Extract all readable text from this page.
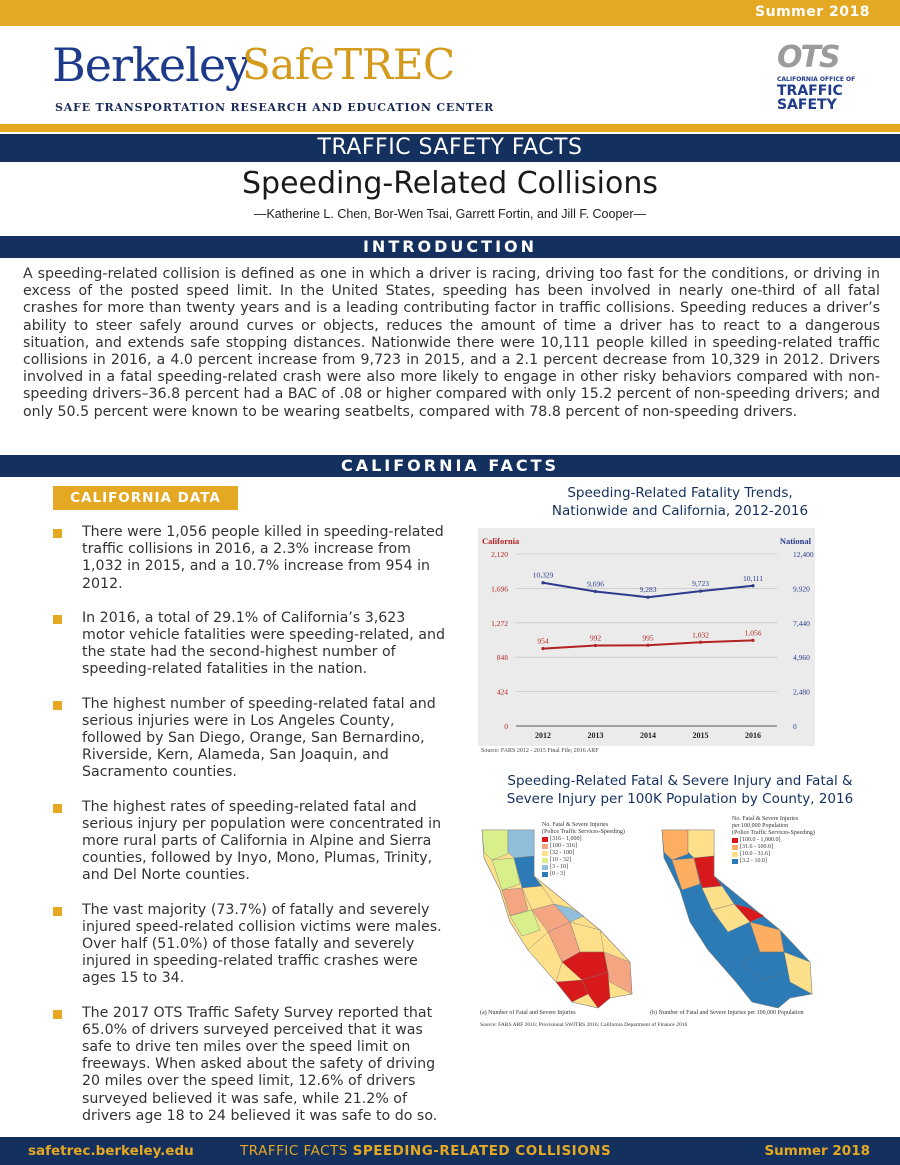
Summer 2018
Berkeley
SafeTREC
SAFE TRANSPORTATION RESEARCH AND EDUCATION CENTER
OTS
CALIFORNIA OFFICE OF
TRAFFIC
SAFETY
TRAFFIC SAFETY FACTS
Speeding-Related Collisions
—Katherine L. Chen, Bor-Wen Tsai, Garrett Fortin, and Jill F. Cooper—
INTRODUCTION

A speeding-related collision is defined as one in which a driver is racing, driving too fast for the conditions, or driving in excess of the posted speed limit. In the United States, speeding has been involved in nearly one-third of all fatal crashes for more than twenty years and is a leading contributing factor in traffic collisions. Speeding reduces a driver’s ability to steer safely around curves or objects, reduces the amount of time a driver has to react to a dangerous situation, and extends safe stopping distances. Nationwide there were 10,111 people killed in speeding-related traffic collisions in 2016, a 4.0 percent increase from 9,723 in 2015, and a 2.1 percent decrease from 10,329 in 2012. Drivers involved in a fatal speeding-related crash were also more likely to engage in other risky behaviors compared with non-speeding drivers–36.8 percent had a BAC of .08 or higher compared with only 15.2 percent of non-speeding drivers; and only 50.5 percent were known to be wearing seatbelts, compared with 78.8 percent of non-speeding drivers.

CALIFORNIA FACTS
CALIFORNIA DATA
There were 1,056 people killed in speeding-related traffic collisions in 2016, a 2.3% increase from 1,032 in 2015, and a 10.7% increase from 954 in 2012.
In 2016, a total of 29.1% of California’s 3,623 motor vehicle fatalities were speeding-related, and the state had the second-highest number of speeding-related fatalities in the nation.
The highest number of speeding-related fatal and serious injuries were in Los Angeles County, followed by San Diego, Orange, San Bernardino, Riverside, Kern, Alameda, San Joaquin, and Sacramento counties.
The highest rates of speeding-related fatal and serious injury per population were concentrated in more rural parts of California in Alpine and Sierra counties, followed by Inyo, Mono, Plumas, Trinity, and Del Norte counties.
The vast majority (73.7%) of fatally and severely injured speed-related collision victims were males. Over half (51.0%) of those fatally and severely injured in speeding-related traffic crashes were ages 15 to 34.
The 2017 OTS Traffic Safety Survey reported that 65.0% of drivers surveyed perceived that it was safe to drive ten miles over the speed limit on freeways. When asked about the safety of driving 20 miles over the speed limit, 12.6% of drivers surveyed believed it was safe, while 21.2% of drivers age 18 to 24 believed it was safe to do so.
Speeding-Related Fatality Trends,
Nationwide and California, 2012-2016
0
424
848
1,272
1,696
2,120
0
2,480
4,960
7,440
9,920
12,400
California	National
2012	2013	2014	2015	2016
954	992	995	1,032	1,056
10,329
9,696
9,283
9,723
10,111
Source: FARS 2012 - 2015 Final File; 2016 ARF
Speeding-Related Fatal & Severe Injury and Fatal &
Severe Injury per 100K Population by County, 2016
(a) Number of Fatal and Severe Injuries	(b) Number of Fatal and Severe Injuries per 100,000 Population
Source: FARS ARF 2016; Provisional SWITRS 2016; California Department of Finance 2016
No. Fatal & Severe Injuries
(Police Traffic Services-Speeding)
[316 - 1,000]
[100 - 316]
[32 - 100]
[10 - 32]
[3 - 10]
[0 - 3]
No. Fatal & Severe Injuries
per 100,000 Population
(Police Traffic Services-Speeding)
[100.0 - 1,000.0]
[31.6 - 100.0]
[10.0 - 31.6]
[3.2 - 10.0]
safetrec.berkeley.edu	TRAFFIC FACTS SPEEDING-RELATED COLLISIONS	Summer 2018
